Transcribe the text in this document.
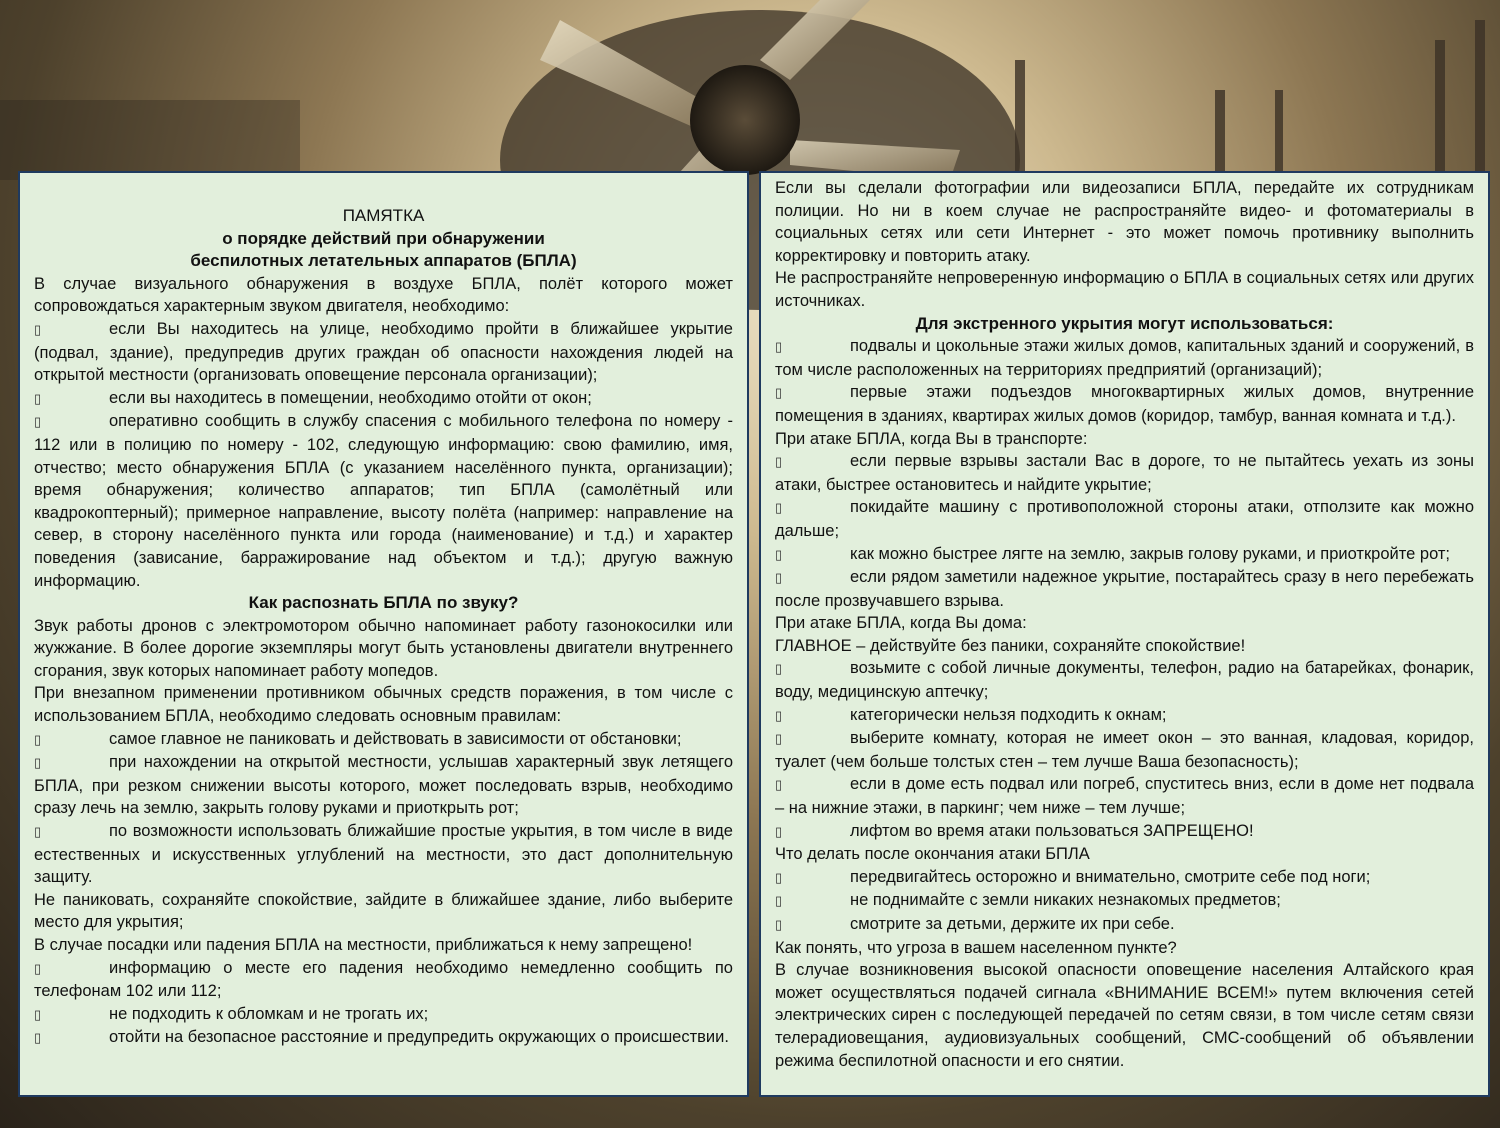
ПАМЯТКА

о порядке действий при обнаружении

беспилотных летательных аппаратов (БПЛА)

В случае визуального обнаружения в воздухе БПЛА, полёт которого может сопровождаться характерным звуком двигателя, необходимо:

▯	если Вы находитесь на улице, необходимо пройти в ближайшее укрытие (подвал, здание), предупредив других граждан об опасности нахождения людей на открытой местности (организовать оповещение персонала организации);

▯	если вы находитесь в помещении, необходимо отойти от окон;

▯	оперативно сообщить в службу спасения с мобильного телефона по номеру - 112 или в полицию по номеру - 102, следующую информацию: свою фамилию, имя, отчество; место обнаружения БПЛА (с указанием населённого пункта, организации); время обнаружения; количество аппаратов; тип БПЛА (самолётный или квадрокоптерный); примерное направление, высоту полёта (например: направление на север, в сторону населённого пункта или города (наименование) и т.д.) и характер поведения (зависание, барражирование над объектом и т.д.); другую важную информацию.

Как распознать БПЛА по звуку?

Звук работы дронов с электромотором обычно напоминает работу газонокосилки или жужжание. В более дорогие экземпляры могут быть установлены двигатели внутреннего сгорания, звук которых напоминает работу мопедов.

При внезапном применении противником обычных средств поражения, в том числе с использованием БПЛА, необходимо следовать основным правилам:

▯	самое главное не паниковать и действовать в зависимости от обстановки;

▯	при нахождении на открытой местности, услышав характерный звук летящего БПЛА, при резком снижении высоты которого, может последовать взрыв, необходимо сразу лечь на землю, закрыть голову руками и приоткрыть рот;

▯	по возможности использовать ближайшие простые укрытия, в том числе в виде естественных и искусственных углублений на местности, это даст дополнительную защиту.

Не паниковать, сохраняйте спокойствие, зайдите в ближайшее здание, либо выберите место для укрытия;

В случае посадки или падения БПЛА на местности, приближаться к нему запрещено!

▯	информацию о месте его падения необходимо немедленно сообщить по телефонам 102 или 112;

▯	не подходить к обломкам и не трогать их;

▯	отойти на безопасное расстояние и предупредить окружающих о происшествии.

Если вы сделали фотографии или видеозаписи БПЛА, передайте их сотрудникам полиции. Но ни в коем случае не распространяйте видео- и фотоматериалы в социальных сетях или сети Интернет - это может помочь противнику выполнить корректировку и повторить атаку.

Не распространяйте непроверенную информацию о БПЛА в социальных сетях или других источниках.

Для экстренного укрытия могут использоваться:

▯	подвалы и цокольные этажи жилых домов, капитальных зданий и сооружений, в том числе расположенных на территориях предприятий (организаций);

▯	первые этажи подъездов многоквартирных жилых домов, внутренние помещения в зданиях, квартирах жилых домов (коридор, тамбур, ванная комната и т.д.).

При атаке БПЛА, когда Вы в транспорте:

▯	если первые взрывы застали Вас в дороге, то не пытайтесь уехать из зоны атаки, быстрее остановитесь и найдите укрытие;

▯	покидайте машину с противоположной стороны атаки, отползите как можно дальше;

▯	как можно быстрее лягте на землю, закрыв голову руками, и приоткройте рот;

▯	если рядом заметили надежное укрытие, постарайтесь сразу в него перебежать после прозвучавшего взрыва.

При атаке БПЛА, когда Вы дома:

ГЛАВНОЕ – действуйте без паники, сохраняйте спокойствие!

▯	возьмите с собой личные документы, телефон, радио на батарейках, фонарик, воду, медицинскую аптечку;

▯	категорически нельзя подходить к окнам;

▯	выберите комнату, которая не имеет окон – это ванная, кладовая, коридор, туалет (чем больше толстых стен – тем лучше Ваша безопасность);

▯	если в доме есть подвал или погреб, спуститесь вниз, если в доме нет подвала – на нижние этажи, в паркинг; чем ниже – тем лучше;

▯	лифтом во время атаки пользоваться ЗАПРЕЩЕНО!

Что делать после окончания атаки БПЛА

▯	передвигайтесь осторожно и внимательно, смотрите себе под ноги;

▯	не поднимайте с земли никаких незнакомых предметов;

▯	смотрите за детьми, держите их при себе.

Как понять, что угроза в вашем населенном пункте?

В случае возникновения высокой опасности оповещение населения Алтайского края может осуществляться подачей сигнала «ВНИМАНИЕ ВСЕМ!» путем включения сетей электрических сирен с последующей передачей по сетям связи, в том числе сетям связи телерадиовещания, аудиовизуальных сообщений, СМС-сообщений об объявлении режима беспилотной опасности и его снятии.
